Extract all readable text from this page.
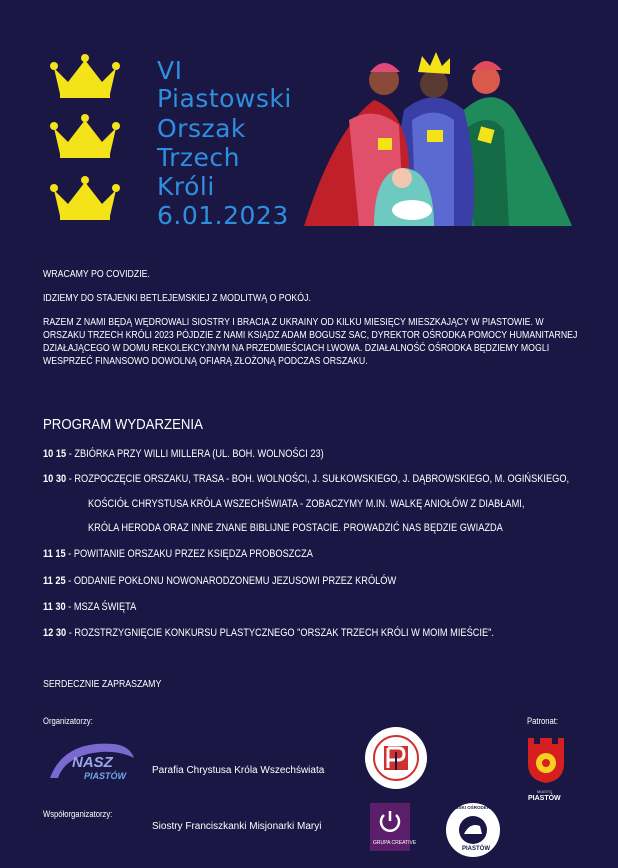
VI
Piastowski
Orszak
Trzech
Króli
6.01.2023
WRACAMY PO COVIDZIE.
IDZIEMY DO STAJENKI BETLEJEMSKIEJ Z MODLITWĄ O POKÓJ.
RAZEM Z NAMI BĘDĄ WĘDROWALI SIOSTRY I BRACIA Z UKRAINY OD KILKU MIESIĘCY MIESZKAJĄCY W PIASTOWIE. W ORSZAKU TRZECH KRÓLI 2023 PÓJDZIE Z NAMI KSIĄDZ ADAM BOGUSZ SAC, DYREKTOR OŚRODKA POMOCY HUMANITARNEJ DZIAŁAJĄCEGO W DOMU REKOLEKCYJNYM NA PRZEDMIEŚCIACH LWOWA. DZIAŁALNOŚĆ OŚRODKA BĘDZIEMY MOGLI WESPRZEĆ FINANSOWO DOWOLNĄ OFIARĄ ZŁOŻONĄ PODCZAS ORSZAKU.
PROGRAM WYDARZENIA
10 15 - ZBIÓRKA PRZY WILLI MILLERA (UL. BOH. WOLNOŚCI 23)
10 30 - ROZPOCZĘCIE ORSZAKU, TRASA - BOH. WOLNOŚCI, J. SUŁKOWSKIEGO, J. DĄBROWSKIEGO, M. OGIŃSKIEGO,
KOŚCIÓŁ CHRYSTUSA KRÓLA WSZECHŚWIATA - ZOBACZYMY M.IN. WALKĘ ANIOŁÓW Z DIABŁAMI,
KRÓLA HERODA ORAZ INNE ZNANE BIBLIJNE POSTACIE. PROWADZIĆ NAS BĘDZIE GWIAZDA
11 15 - POWITANIE ORSZAKU PRZEZ KSIĘDZA PROBOSZCZA
11 25 - ODDANIE POKŁONU NOWONARODZONEMU JEZUSOWI PRZEZ KRÓLÓW
11 30 - MSZA ŚWIĘTA
12 30 - ROZSTRZYGNIĘCIE KONKURSU PLASTYCZNEGO "ORSZAK TRZECH KRÓLI W MOIM MIEŚCIE".
SERDECZNIE ZAPRASZAMY
Organizatorzy:
NASZ
PIASTÓW	Parafia Chrystusa Króla Wszechświata
Patronat:
MIASTO
PIASTÓW
Współorganizatorzy:
Siostry Franciszkanki Misjonarki Maryi
GRUPA CREATIVE
MIEJSKI OŚRODEK KULTURY
PIASTÓW
